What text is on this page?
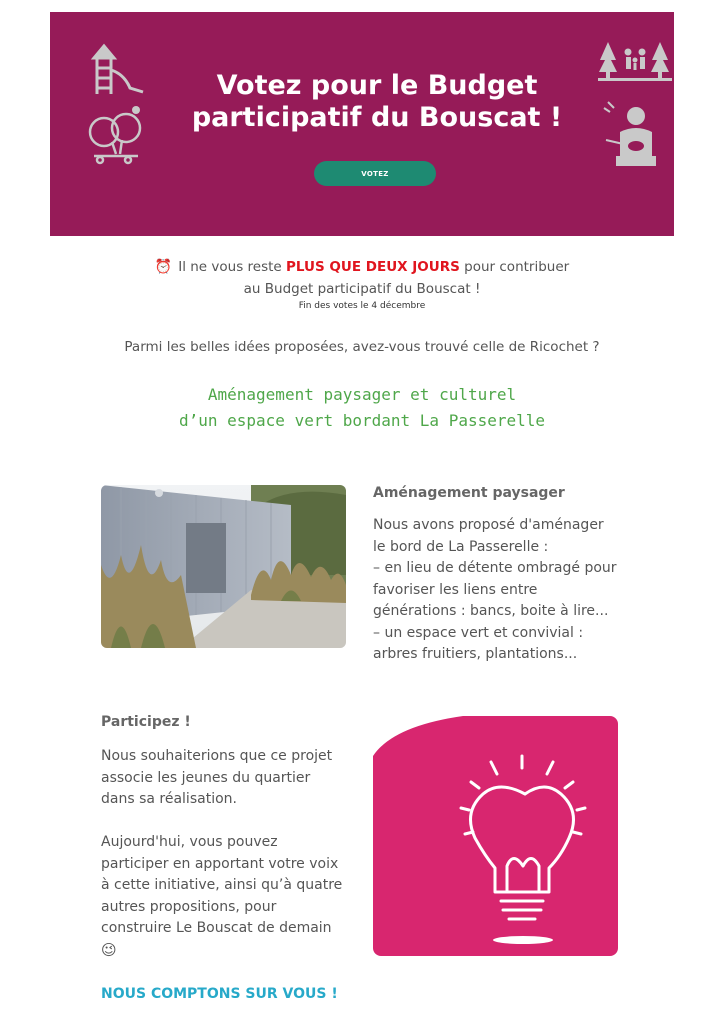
Votez pour le Budget participatif du Bouscat !
VOTEZ
⏰ Il ne vous reste PLUS QUE DEUX JOURS pour contribuer
au Budget participatif du Bouscat !
Fin des votes le 4 décembre
Parmi les belles idées proposées, avez-vous trouvé celle de Ricochet ?
Aménagement paysager et culturel
d’un espace vert bordant La Passerelle
Aménagement paysager
Nous avons proposé d'aménager
le bord de La Passerelle :
– en lieu de détente ombragé pour
favoriser les liens entre
générations : bancs, boite à lire...
– un espace vert et convivial :
arbres fruitiers, plantations...
Participez !
Nous souhaiterions que ce projet
associe les jeunes du quartier
dans sa réalisation.
Aujourd'hui, vous pouvez
participer en apportant votre voix
à cette initiative, ainsi qu’à quatre
autres propositions, pour
construire Le Bouscat de demain
😉
NOUS COMPTONS SUR VOUS !
